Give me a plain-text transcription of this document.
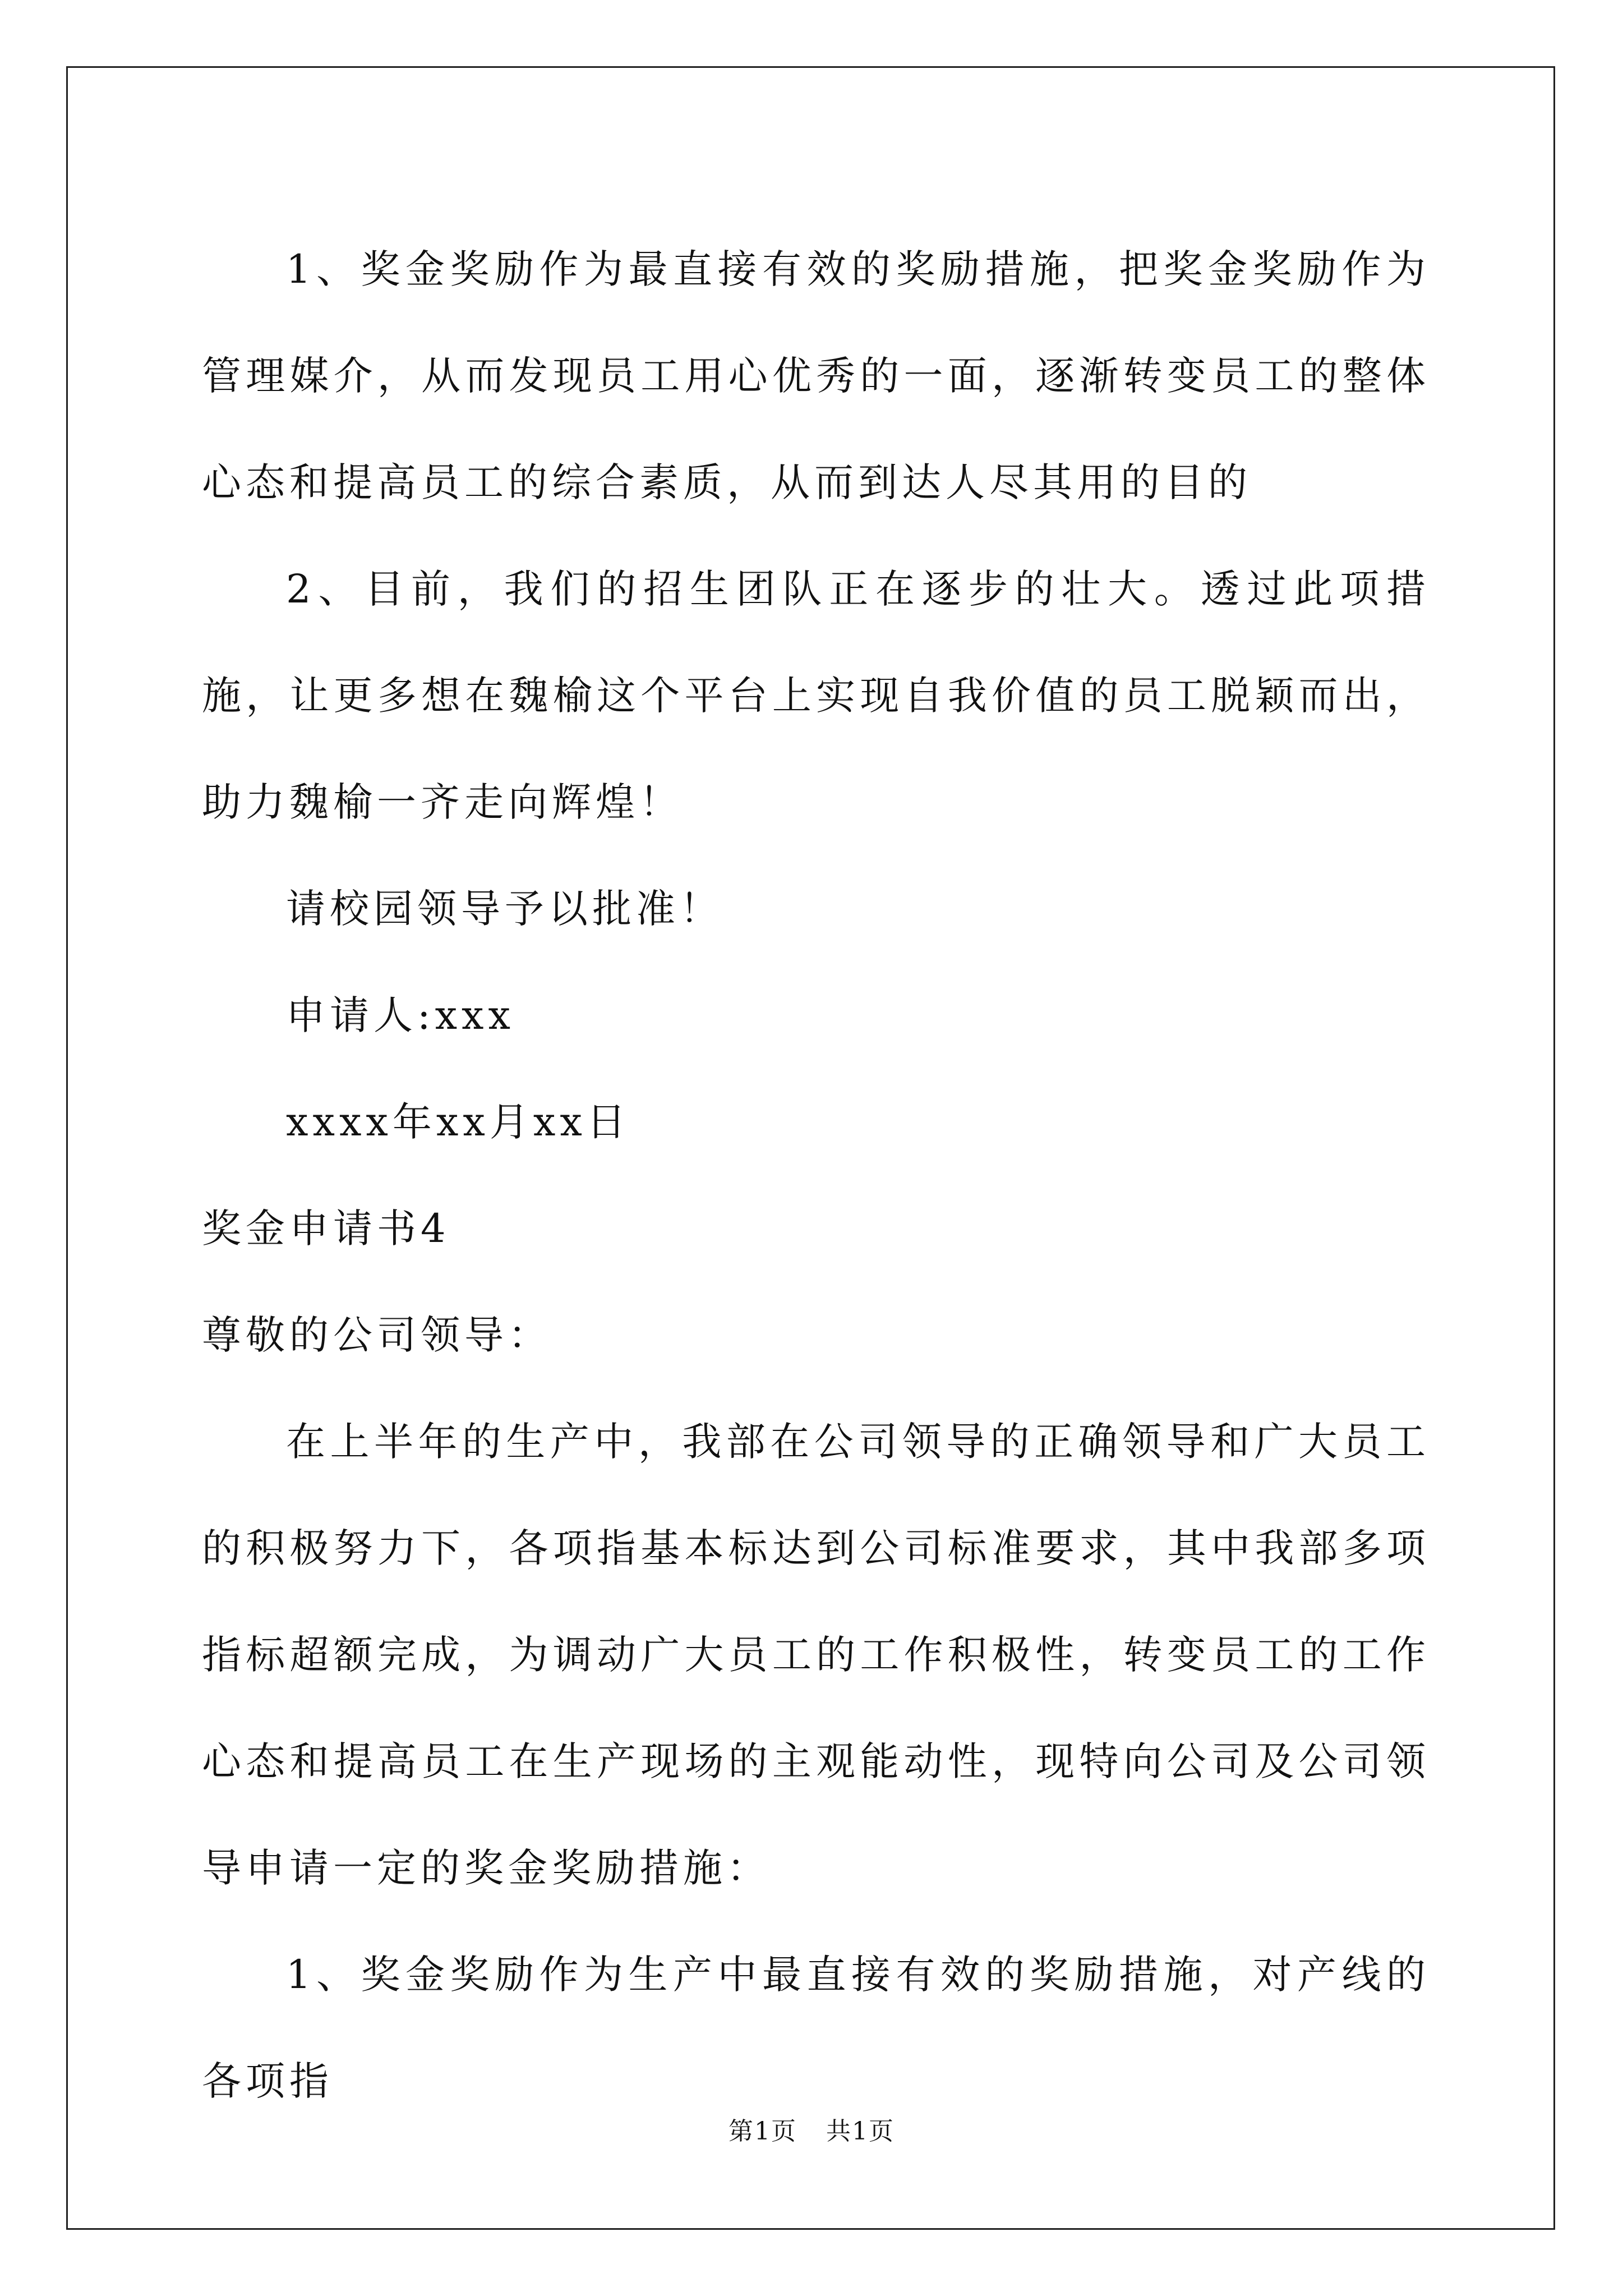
1、奖金奖励作为最直接有效的奖励措施，把奖金奖励作为管理媒介，从而发现员工用心优秀的一面，逐渐转变员工的整体心态和提高员工的综合素质，从而到达人尽其用的目的

2、目前，我们的招生团队正在逐步的壮大。透过此项措施，让更多想在魏榆这个平台上实现自我价值的员工脱颖而出，助力魏榆一齐走向辉煌！

请校园领导予以批准！

申请人:xxx

xxxx年xx月xx日

奖金申请书4

尊敬的公司领导：

在上半年的生产中，我部在公司领导的正确领导和广大员工的积极努力下，各项指基本标达到公司标准要求，其中我部多项指标超额完成，为调动广大员工的工作积极性，转变员工的工作心态和提高员工在生产现场的主观能动性，现特向公司及公司领导申请一定的奖金奖励措施：

1、奖金奖励作为生产中最直接有效的奖励措施，对产线的各项指

第1页 共1页
